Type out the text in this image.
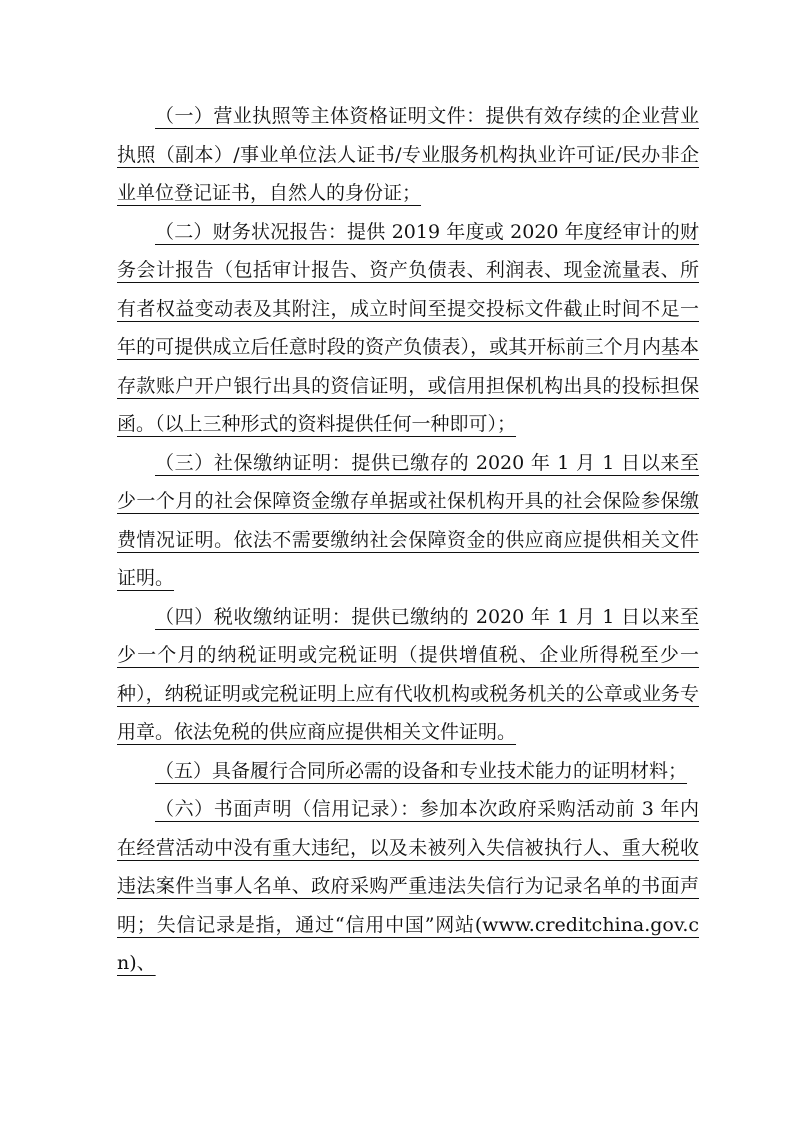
（一）营业执照等主体资格证明文件：提供有效存续的企业营业执照（副本）/事业单位法人证书/专业服务机构执业许可证/民办非企业单位登记证书，自然人的身份证；

（二）财务状况报告：提供 2019 年度或 2020 年度经审计的财务会计报告（包括审计报告、资产负债表、利润表、现金流量表、所有者权益变动表及其附注，成立时间至提交投标文件截止时间不足一年的可提供成立后任意时段的资产负债表），或其开标前三个月内基本存款账户开户银行出具的资信证明，或信用担保机构出具的投标担保函。（以上三种形式的资料提供任何一种即可）；

（三）社保缴纳证明：提供已缴存的 2020 年 1 月 1 日以来至少一个月的社会保障资金缴存单据或社保机构开具的社会保险参保缴费情况证明。依法不需要缴纳社会保障资金的供应商应提供相关文件证明。

（四）税收缴纳证明：提供已缴纳的 2020 年 1 月 1 日以来至少一个月的纳税证明或完税证明（提供增值税、企业所得税至少一种），纳税证明或完税证明上应有代收机构或税务机关的公章或业务专用章。依法免税的供应商应提供相关文件证明。

（五）具备履行合同所必需的设备和专业技术能力的证明材料；

（六）书面声明（信用记录）：参加本次政府采购活动前 3 年内在经营活动中没有重大违纪，以及未被列入失信被执行人、重大税收违法案件当事人名单、政府采购严重违法失信行为记录名单的书面声明；失信记录是指，通过“信用中国”网站(www.creditchina.gov.cn)、
